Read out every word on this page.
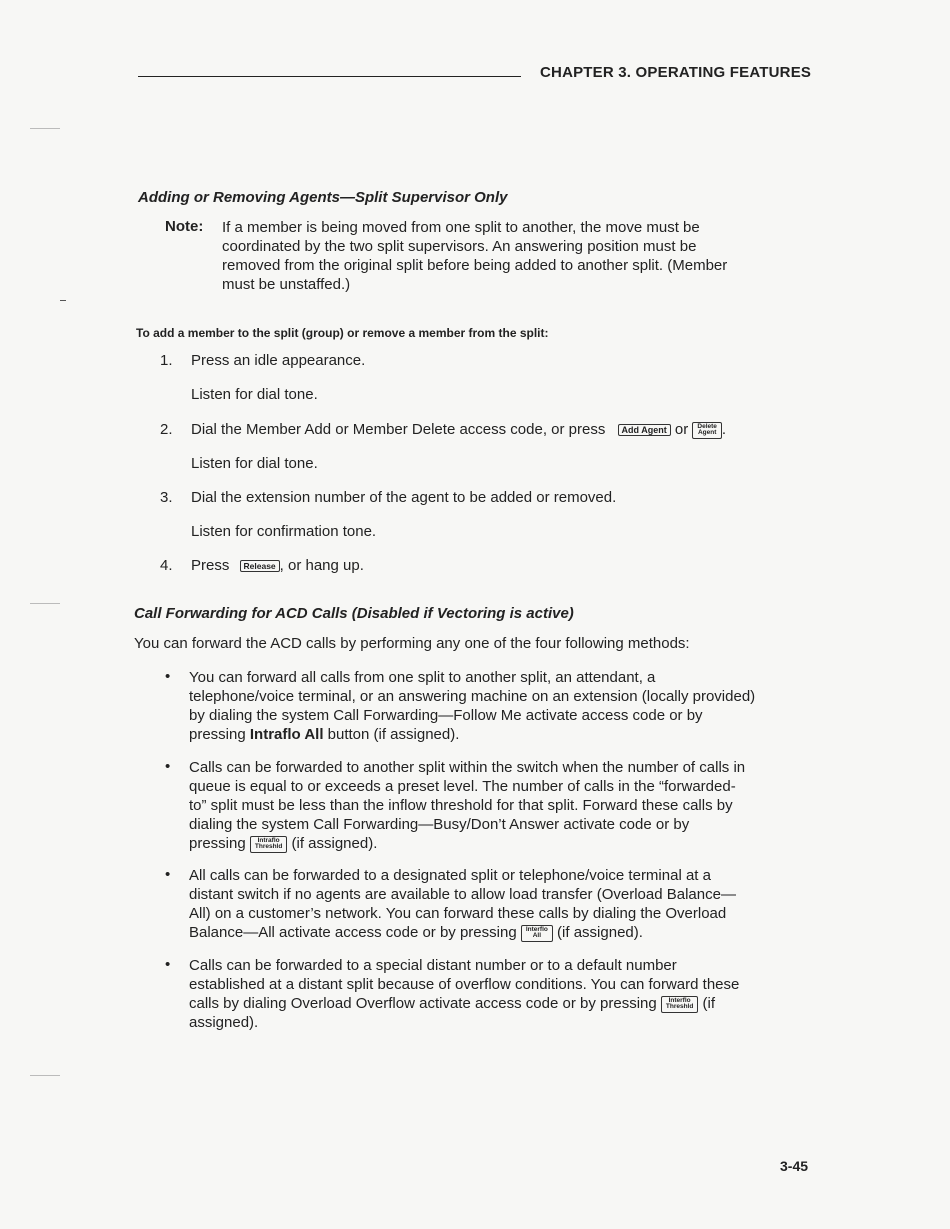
CHAPTER 3. OPERATING FEATURES
Adding or Removing Agents—Split Supervisor Only
Note: If a member is being moved from one split to another, the move must be
coordinated by the two split supervisors. An answering position must be
removed from the original split before being added to another split. (Member
must be unstaffed.)
To add a member to the split (group) or remove a member from the split:
1. Press an idle appearance.
Listen for dial tone.
2. Dial the Member Add or Member Delete access code, or press Add Agent or Delete
Agent .
Listen for dial tone.
3. Dial the extension number of the agent to be added or removed.
Listen for confirmation tone.
4. Press Release , or hang up.
Call Forwarding for ACD Calls (Disabled if Vectoring is active)
You can forward the ACD calls by performing any one of the four following methods:
• You can forward all calls from one split to another split, an attendant, a
telephone/voice terminal, or an answering machine on an extension (locally provided)
by dialing the system Call Forwarding—Follow Me activate access code or by
pressing Intraflo All button (if assigned).
• Calls can be forwarded to another split within the switch when the number of calls in
queue is equal to or exceeds a preset level. The number of calls in the “forwarded-
to” split must be less than the inflow threshold for that split. Forward these calls by
dialing the system Call Forwarding—Busy/Don’t Answer activate code or by
pressing Intraflo
Threshld (if assigned).
• All calls can be forwarded to a designated split or telephone/voice terminal at a
distant switch if no agents are available to allow load transfer (Overload Balance—
All) on a customer’s network. You can forward these calls by dialing the Overload
Balance—All activate access code or by pressing Interflo
All (if assigned).
• Calls can be forwarded to a special distant number or to a default number
established at a distant split because of overflow conditions. You can forward these
calls by dialing Overload Overflow activate access code or by pressing Interflo
Threshld (if
assigned).
3-45
